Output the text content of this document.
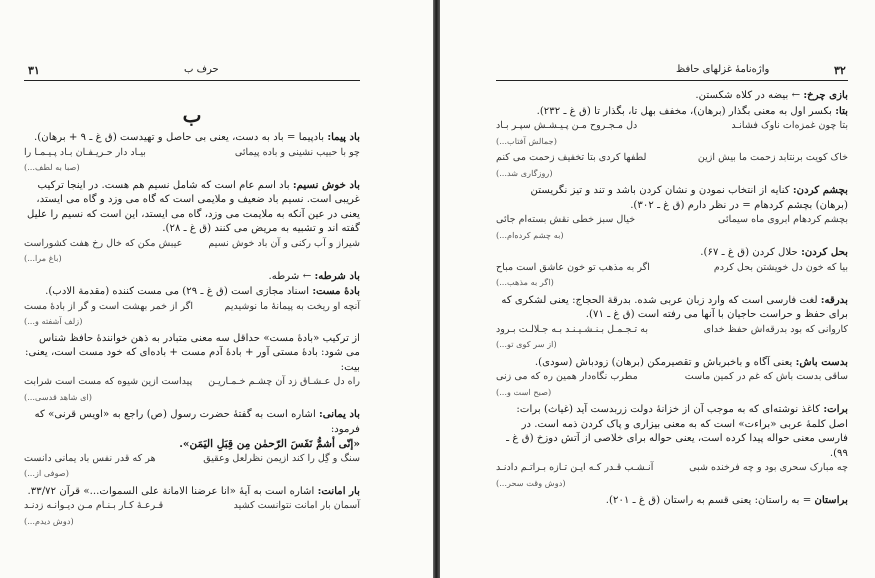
۳۱	حرف ب
ب

باد پیما: بادپیما = باد به دست، یعنی بی حاصل و تهیدست (ق غ ـ ۹ + برهان).

چو با حبیب نشینی و باده پیمائی
بیـاد دار حـریـفـان بـاد پـیـمـا را
(صبا به لطف...)

باد خوش نسیم: باد اسم عام است که شامل نسیم هم هست. در اینجا ترکیب غریبی است. نسیم باد ضعیف و ملایمی است که گاه می وزد و گاه می ایستد، یعنی در عین آنکه به ملایمت می وزد، گاه می ایستد، این است که نسیم را علیل گفته اند و تشبیه به مریض می کنند (ق غ ـ ۲۸).

شیراز و آب رکنی و آن باد خوش نسیم
عیبش مکن که خال رخ هفت کشوراست
(باغ مرا...)

باد شرطه: ← شرطه.

بادهٔ مست: اسناد مجازی است (ق غ ـ ۲۹) می مست کننده (مقدمة الادب).

آنچه او ریخت به پیمانهٔ ما نوشیدیم
اگر از خمر بهشت است و گر از بادهٔ مست
(زلف آشفته و...)

از ترکیب «بادهٔ مست» حداقل سه معنی متبادر به ذهن خوانندهٔ حافظ شناس می شود: بادهٔ مستی آور + بادهٔ آدم مست + باده‌ای که خود مست است، یعنی: بیت:

راه دل عـشـاق زد آن چشـم خـمـاریـن
پیداست ازین شیوه که مست است شرابت
(ای شاهد قدسی...)

باد یمانی: اشاره است به گفتهٔ حضرت رسول (ص) راجع به «اویس قرنی» که فرمود:

«إنّی أشمُّ نَفَسَ الرّحمٰن مِن قِبَلِ الیَمَن».
سنگ و گِل را کند ازیمن نظرلعل وعقیق
هر که قدر نفس باد یمانی دانست
(صوفی از...)

بار امانت: اشاره است به آیهٔ «انا عرضنا الامانة علی السموات...» قرآن ۳۳/۷۲.

آسمان بار امانت نتوانست کشید
قـرعـهٔ کـار بـنـام مـن دیـوانـه زدنـد
(دوش دیدم...)
واژه‌نامهٔ غزلهای حافظ	۳۲

بازی چرخ: ← بیضه در کلاه شکستن.

بتا: بکسر اول به معنی بگذار (برهان)، مخفف بهل تا، بگذار تا (ق غ ـ ۲۳۲).

بتا چون غمزه‌ات ناوک فشانـد
دل مـجـروح مـن پـیـشـش سپـر بـاد
(جمالش آفتاب...)
خاک کویت برنتابد زحمت ما بیش ازین
لطفها کردی بتا تخفیف زحمت می کنم
(روزگاری شد...)

بچشم کردن: کنایه از انتخاب نمودن و نشان کردن باشد و تند و تیز نگریستن (برهان) بچشم کردهام = در نظر دارم (ق غ ـ ۳۰۲).

بچشم کردهام ابروی ماه سیمائی
خیال سبز خطی نقش بسته‌ام جائی
(به چشم کرده‌ام...)

بحل کردن: حلال کردن (ق غ ـ ۶۷).

بیا که خون دل خویشتن بحل کردم
اگر به مذهب تو خون عاشق است مباح
(اگر به مذهب...)

بدرقه: لغت فارسی است که وارد زبان عربی شده. بدرقة الحجاج: یعنی لشکری که برای حفظ و حراست حاجیان با آنها می رفته است (ق غ ـ ۷۱).

کاروانی که بود بدرقه‌اش حفظ خدای
به تـجـمـل بـنـشـیـنـد بـه جـلالـت بـرود
(از سر کوی تو...)

بدست باش: یعنی آگاه و باخبرباش و تقصیرمکن (برهان) زودباش (سودی).

ساقی بدست باش که غم در کمین ماست
مطرب نگاه‌دار همین ره که می زنی
(صبح است و...)

برات: کاغذ نوشته‌ای که به موجب آن از خزانهٔ دولت زربدست آید (غیاث) برات: اصل کلمهٔ عربی «براءت» است که به معنی بیزاری و پاک کردن ذمه است. در فارسی معنی حواله پیدا کرده است، یعنی حواله برای خلاصی از آتش دوزخ (ق غ ـ ۹۹).

چه مبارک سحری بود و چه فرخنده شبی
آنـشـب قـدر کـه ایـن تـازه بـراتـم دادنـد
(دوش وقت سحر...)

براستان = به راستان: یعنی قسم به راستان (ق غ ـ ۲۰۱).
